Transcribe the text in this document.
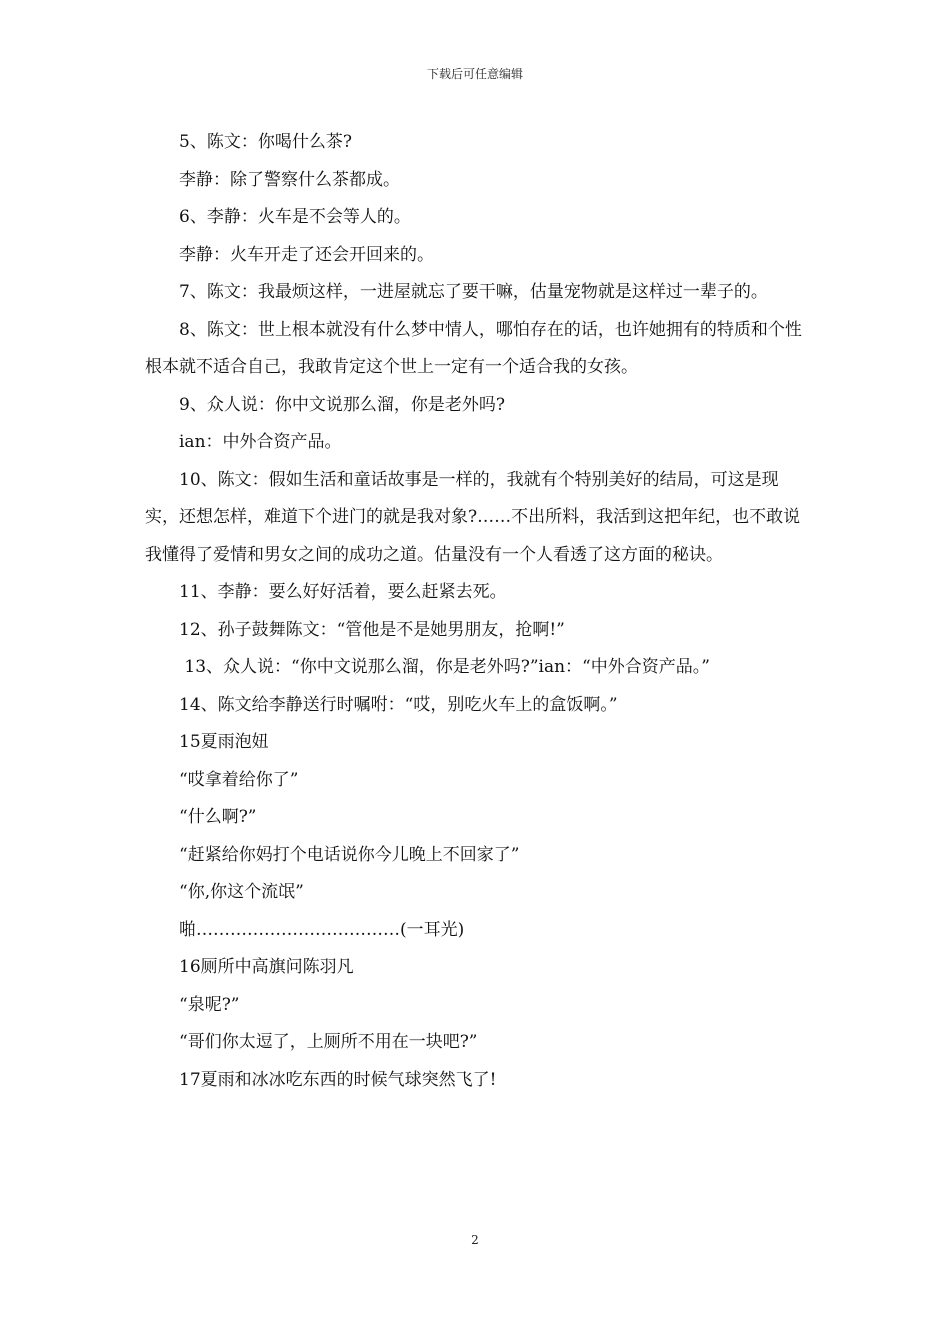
下载后可任意编辑

5、陈文：你喝什么茶?

李静：除了警察什么茶都成。

6、李静：火车是不会等人的。

李静：火车开走了还会开回来的。

7、陈文：我最烦这样，一进屋就忘了要干嘛，估量宠物就是这样过一辈子的。

8、陈文：世上根本就没有什么梦中情人，哪怕存在的话，也许她拥有的特质和个性根本就不适合自己，我敢肯定这个世上一定有一个适合我的女孩。

9、众人说：你中文说那么溜，你是老外吗?

ian：中外合资产品。

10、陈文：假如生活和童话故事是一样的，我就有个特别美好的结局，可这是现实，还想怎样，难道下个进门的就是我对象?……不出所料，我活到这把年纪，也不敢说我懂得了爱情和男女之间的成功之道。估量没有一个人看透了这方面的秘诀。

11、李静：要么好好活着，要么赶紧去死。

12、孙子鼓舞陈文：“管他是不是她男朋友，抢啊!”

13、众人说：“你中文说那么溜，你是老外吗?”ian：“中外合资产品。”

14、陈文给李静送行时嘱咐：“哎，别吃火车上的盒饭啊。”

15夏雨泡妞

“哎拿着给你了”

“什么啊?”

“赶紧给你妈打个电话说你今儿晚上不回家了”

“你,你这个流氓”

啪………………………………(一耳光)

16厕所中高旗问陈羽凡

“泉呢?”

“哥们你太逗了，上厕所不用在一块吧?”

17夏雨和冰冰吃东西的时候气球突然飞了!

2
